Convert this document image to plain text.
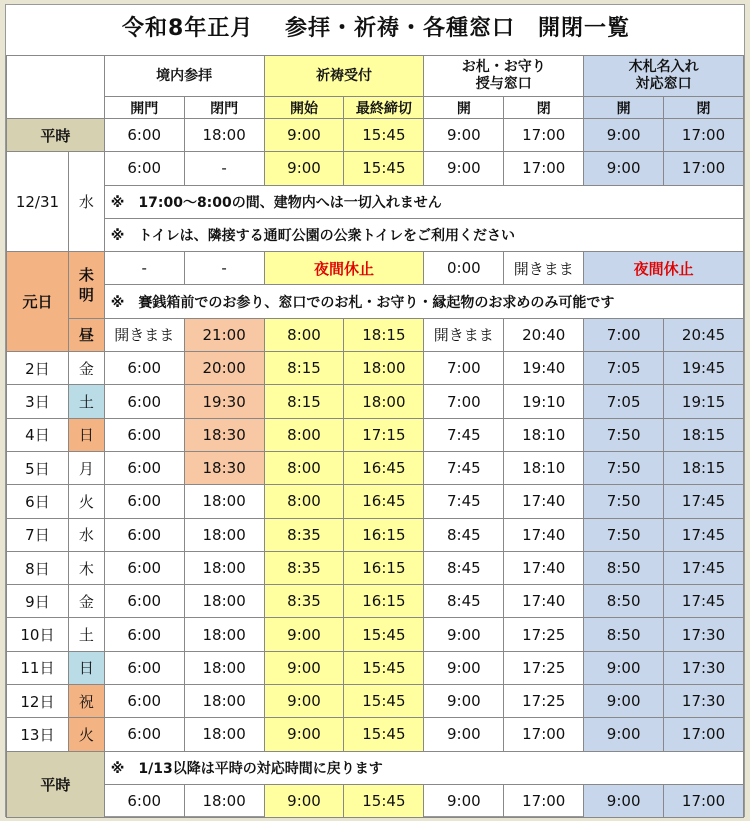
令和8年正月　 参拝・祈祷・各種窓口　開閉一覧
		境内参拝		祈祷受付		お札・お守り
授与窓口		木札名入れ
対応窓口	
		開門	閉門	開始	最終締切	開	閉	開	閉
平時		6:00	18:00	9:00	15:45	9:00	17:00	9:00	17:00
12/31	水	6:00	-	9:00	15:45	9:00	17:00	9:00	17:00
		※　17:00～8:00の間、建物内へは一切入れません							
		※　トイレは、隣接する通町公園の公衆トイレをご利用ください							
元日	未
明	-	-	夜間休止		0:00	開きまま	夜間休止	
		※　賽銭箱前でのお参り、窓口でのお札・お守り・縁起物のお求めのみ可能です							
	昼	開きまま	21:00	8:00	18:15	開きまま	20:40	7:00	20:45
2日	金	6:00	20:00	8:15	18:00	7:00	19:40	7:05	19:45
3日	土	6:00	19:30	8:15	18:00	7:00	19:10	7:05	19:15
4日	日	6:00	18:30	8:00	17:15	7:45	18:10	7:50	18:15
5日	月	6:00	18:30	8:00	16:45	7:45	18:10	7:50	18:15
6日	火	6:00	18:00	8:00	16:45	7:45	17:40	7:50	17:45
7日	水	6:00	18:00	8:35	16:15	8:45	17:40	7:50	17:45
8日	木	6:00	18:00	8:35	16:15	8:45	17:40	8:50	17:45
9日	金	6:00	18:00	8:35	16:15	8:45	17:40	8:50	17:45
10日	土	6:00	18:00	9:00	15:45	9:00	17:25	8:50	17:30
11日	日	6:00	18:00	9:00	15:45	9:00	17:25	9:00	17:30
12日	祝	6:00	18:00	9:00	15:45	9:00	17:25	9:00	17:30
13日	火	6:00	18:00	9:00	15:45	9:00	17:00	9:00	17:00
平時		※　1/13以降は平時の対応時間に戻ります							
		6:00	18:00	9:00	15:45	9:00	17:00	9:00	17:00
